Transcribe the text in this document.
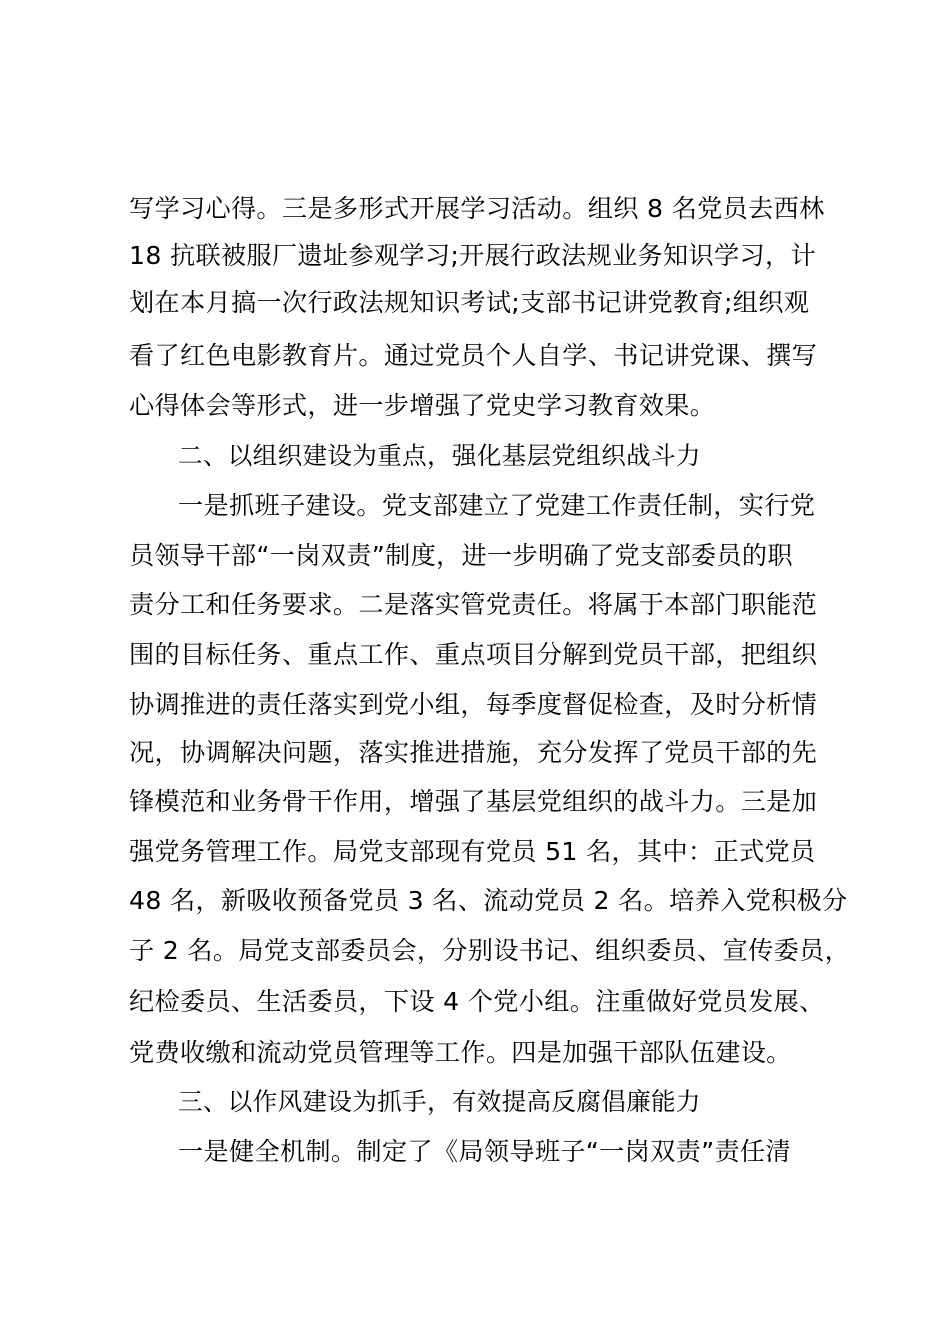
写学习心得。三是多形式开展学习活动。组织 8 名党员去西林
18 抗联被服厂遗址参观学习;开展行政法规业务知识学习，计
划在本月搞一次行政法规知识考试;支部书记讲党教育;组织观
看了红色电影教育片。通过党员个人自学、书记讲党课、撰写
心得体会等形式，进一步增强了党史学习教育效果。
二、以组织建设为重点，强化基层党组织战斗力
一是抓班子建设。党支部建立了党建工作责任制，实行党
员领导干部“一岗双责”制度，进一步明确了党支部委员的职
责分工和任务要求。二是落实管党责任。将属于本部门职能范
围的目标任务、重点工作、重点项目分解到党员干部，把组织
协调推进的责任落实到党小组，每季度督促检查，及时分析情
况，协调解决问题，落实推进措施，充分发挥了党员干部的先
锋模范和业务骨干作用，增强了基层党组织的战斗力。三是加
强党务管理工作。局党支部现有党员 51 名，其中：正式党员
48 名，新吸收预备党员 3 名、流动党员 2 名。培养入党积极分
子 2 名。局党支部委员会，分别设书记、组织委员、宣传委员，
纪检委员、生活委员，下设 4 个党小组。注重做好党员发展、
党费收缴和流动党员管理等工作。四是加强干部队伍建设。
三、以作风建设为抓手，有效提高反腐倡廉能力
一是健全机制。制定了《局领导班子“一岗双责”责任清
